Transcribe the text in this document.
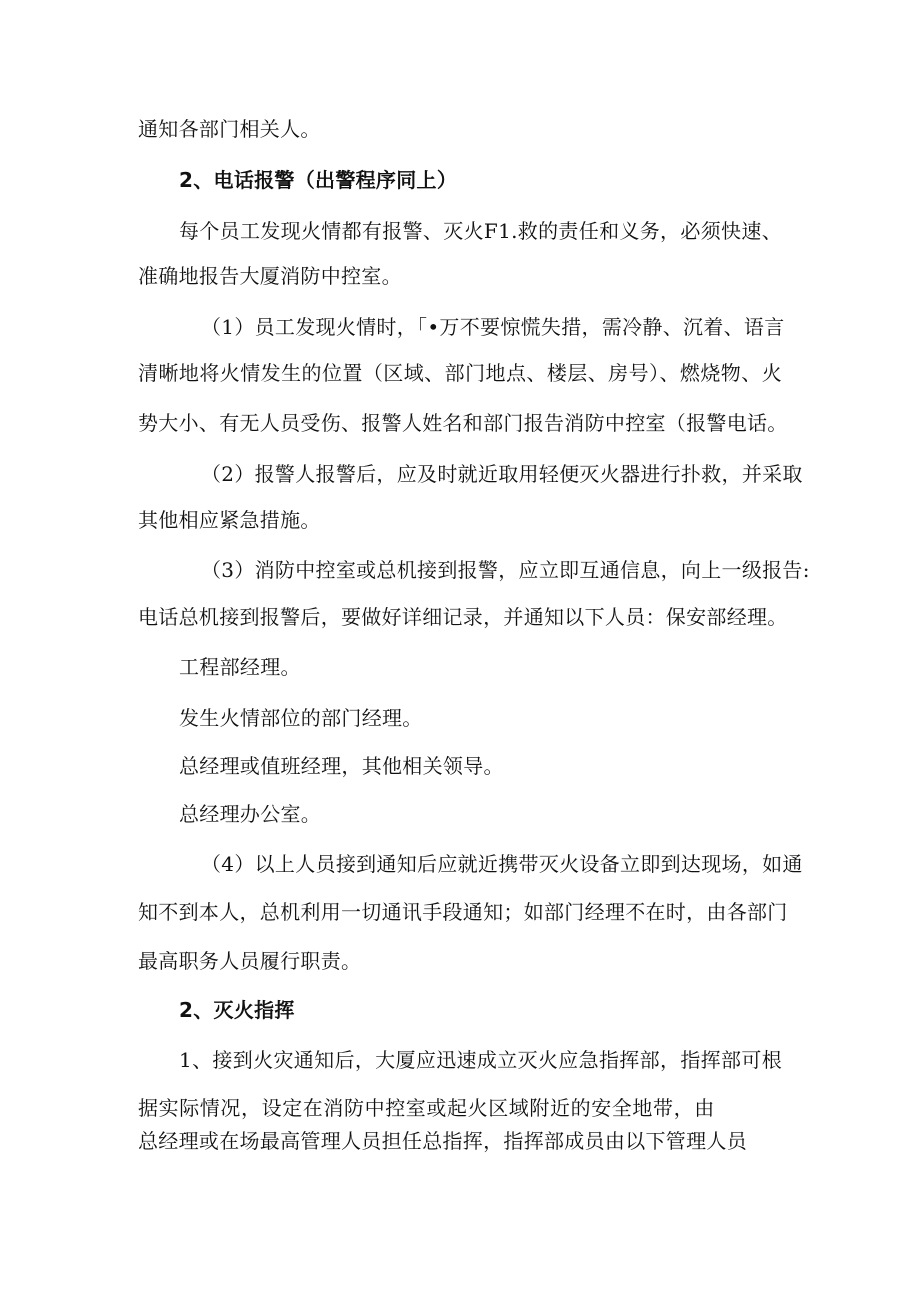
通知各部门相关人。
2、电话报警（出警程序同上）
每个员工发现火情都有报警、灭火F1.救的责任和义务，必须快速、
准确地报告大厦消防中控室。
（1）员工发现火情时，「•万不要惊慌失措，需冷静、沉着、语言
清晰地将火情发生的位置（区域、部门地点、楼层、房号）、燃烧物、火
势大小、有无人员受伤、报警人姓名和部门报告消防中控室（报警电话。
（2）报警人报警后，应及时就近取用轻便灭火器进行扑救，并采取
其他相应紧急措施。
（3）消防中控室或总机接到报警，应立即互通信息，向上一级报告:
电话总机接到报警后，要做好详细记录，并通知以下人员：保安部经理。
工程部经理。
发生火情部位的部门经理。
总经理或值班经理，其他相关领导。
总经理办公室。
（4）以上人员接到通知后应就近携带灭火设备立即到达现场，如通
知不到本人，总机利用一切通讯手段通知；如部门经理不在时，由各部门
最高职务人员履行职责。
2、灭火指挥
1、接到火灾通知后，大厦应迅速成立灭火应急指挥部，指挥部可根
据实际情况，设定在消防中控室或起火区域附近的安全地带，由
总经理或在场最高管理人员担任总指挥，指挥部成员由以下管理人员
